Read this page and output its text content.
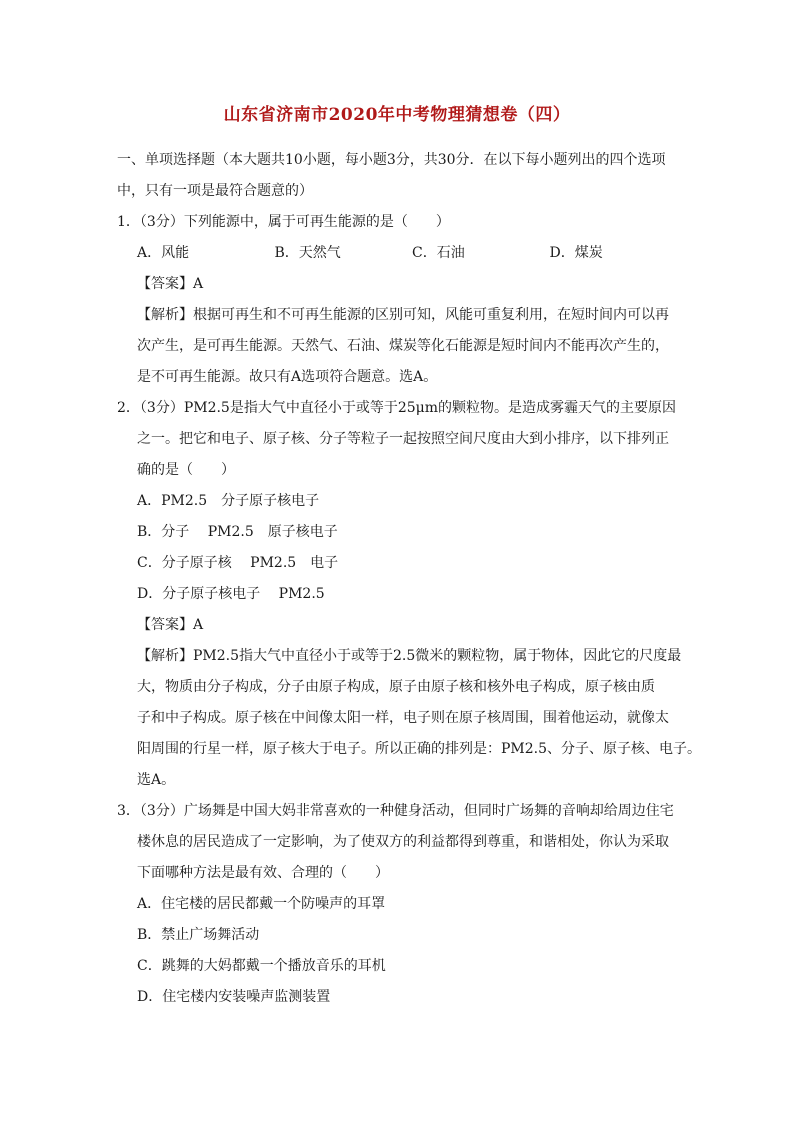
山东省济南市2020年中考物理猜想卷（四）
一、单项选择题（本大题共10小题，每小题3分，共30分．在以下每小题列出的四个选项
中，只有一项是最符合题意的）
1．（3分）下列能源中，属于可再生能源的是（　　）
A．风能	B．天然气	C．石油	D．煤炭
【答案】A
【解析】根据可再生和不可再生能源的区别可知，风能可重复利用，在短时间内可以再
次产生，是可再生能源。天然气、石油、煤炭等化石能源是短时间内不能再次产生的，
是不可再生能源。故只有A选项符合题意。选A。
2．（3分）PM2.5是指大气中直径小于或等于25μm的颗粒物。是造成雾霾天气的主要原因
之一。把它和电子、原子核、分子等粒子一起按照空间尺度由大到小排序，以下排列正
确的是（　　）
A．PM2.5　分子原子核电子
B．分子　 PM2.5　原子核电子
C．分子原子核　 PM2.5　电子
D．分子原子核电子　 PM2.5
【答案】A
【解析】PM2.5指大气中直径小于或等于2.5微米的颗粒物，属于物体，因此它的尺度最
大，物质由分子构成，分子由原子构成，原子由原子核和核外电子构成，原子核由质
子和中子构成。原子核在中间像太阳一样，电子则在原子核周围，围着他运动，就像太
阳周围的行星一样，原子核大于电子。所以正确的排列是：PM2.5、分子、原子核、电子。
选A。
3．（3分）广场舞是中国大妈非常喜欢的一种健身活动，但同时广场舞的音响却给周边住宅
楼休息的居民造成了一定影响，为了使双方的利益都得到尊重，和谐相处，你认为采取
下面哪种方法是最有效、合理的（　　）
A．住宅楼的居民都戴一个防噪声的耳罩
B．禁止广场舞活动
C．跳舞的大妈都戴一个播放音乐的耳机
D．住宅楼内安装噪声监测装置
